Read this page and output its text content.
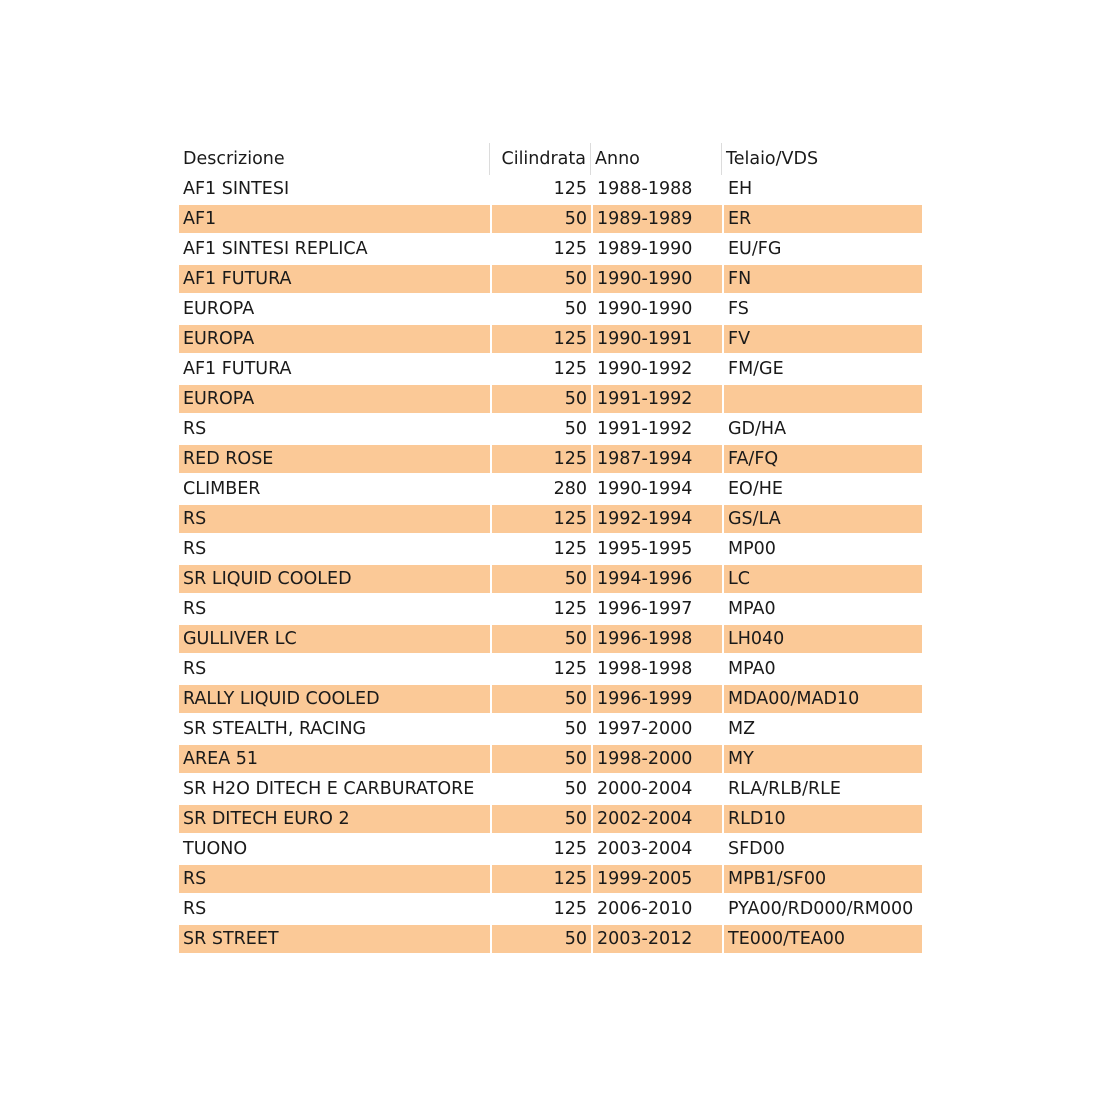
Descrizione	Cilindrata	Anno	Telaio/VDS
AF1 SINTESI	125	1988-1988	EH
AF1	50	1989-1989	ER
AF1 SINTESI REPLICA	125	1989-1990	EU/FG
AF1 FUTURA	50	1990-1990	FN
EUROPA	50	1990-1990	FS
EUROPA	125	1990-1991	FV
AF1 FUTURA	125	1990-1992	FM/GE
EUROPA	50	1991-1992	
RS	50	1991-1992	GD/HA
RED ROSE	125	1987-1994	FA/FQ
CLIMBER	280	1990-1994	EO/HE
RS	125	1992-1994	GS/LA
RS	125	1995-1995	MP00
SR LIQUID COOLED	50	1994-1996	LC
RS	125	1996-1997	MPA0
GULLIVER LC	50	1996-1998	LH040
RS	125	1998-1998	MPA0
RALLY LIQUID COOLED	50	1996-1999	MDA00/MAD10
SR STEALTH, RACING	50	1997-2000	MZ
AREA 51	50	1998-2000	MY
SR H2O DITECH E CARBURATORE	50	2000-2004	RLA/RLB/RLE
SR DITECH EURO 2	50	2002-2004	RLD10
TUONO	125	2003-2004	SFD00
RS	125	1999-2005	MPB1/SF00
RS	125	2006-2010	PYA00/RD000/RM000
SR STREET	50	2003-2012	TE000/TEA00
